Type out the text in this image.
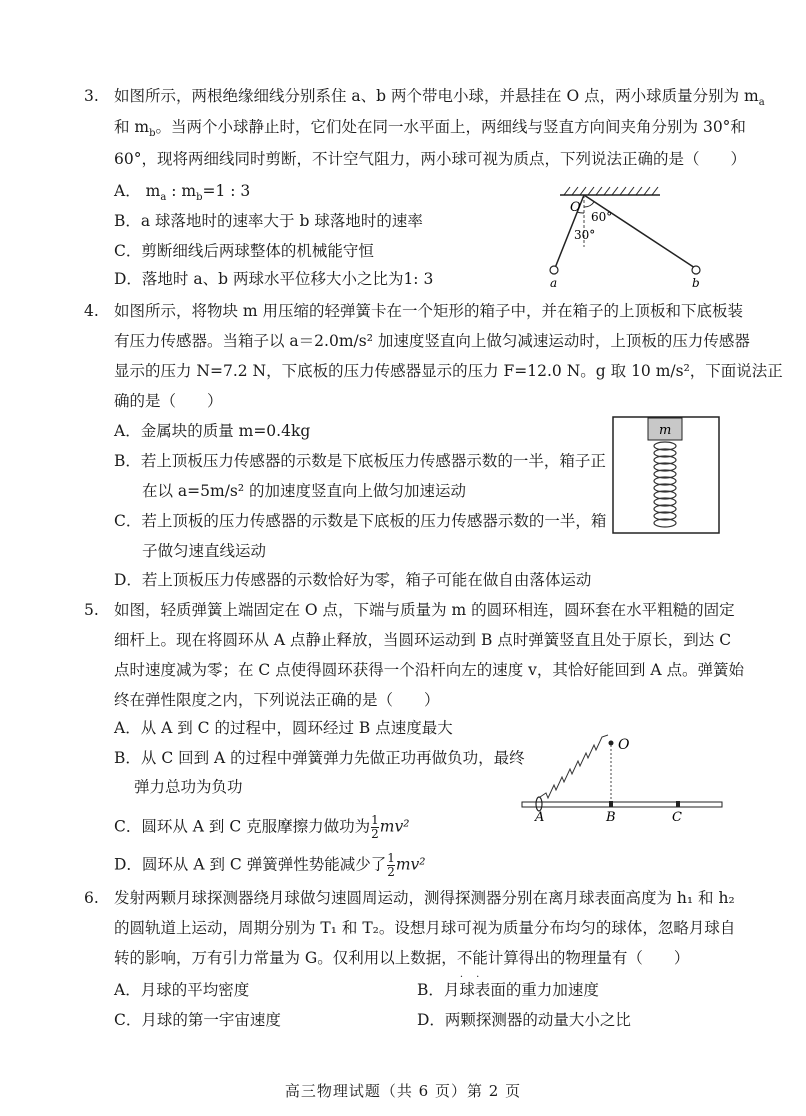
3. 如图所示，两根绝缘细线分别系住 a、b 两个带电小球，并悬挂在 O 点，两小球质量分别为 $m_a$
和 $m_b$。当两个小球静止时，它们处在同一水平面上，两细线与竖直方向间夹角分别为 30°和
60°，现将两细线同时剪断，不计空气阻力，两小球可视为质点，下列说法正确的是（　　）
A． $m_a$ : $m_b=1$ : 3
B．a 球落地时的速率大于 b 球落地时的速率
C．剪断细线后两球整体的机械能守恒
D．落地时 a、b 两球水平位移大小之比为1: 3
O
60°
30°
a	b
4. 如图所示，将物块 m 用压缩的轻弹簧卡在一个矩形的箱子中，并在箱子的上顶板和下底板装
有压力传感器。当箱子以 a＝2.0m/s² 加速度竖直向上做匀减速运动时，上顶板的压力传感器
显示的压力 N=7.2 N，下底板的压力传感器显示的压力 F=12.0 N。g 取 10 m/s²，下面说法正
确的是（　　）
A．金属块的质量 m=0.4kg
B．若上顶板压力传感器的示数是下底板压力传感器示数的一半，箱子正
在以 a=5m/s² 的加速度竖直向上做匀加速运动
C．若上顶板的压力传感器的示数是下底板的压力传感器示数的一半，箱
子做匀速直线运动
D．若上顶板压力传感器的示数恰好为零，箱子可能在做自由落体运动
m
5. 如图，轻质弹簧上端固定在 O 点，下端与质量为 m 的圆环相连，圆环套在水平粗糙的固定
细杆上。现在将圆环从 A 点静止释放，当圆环运动到 B 点时弹簧竖直且处于原长，到达 C
点时速度减为零；在 C 点使得圆环获得一个沿杆向左的速度 v，其恰好能回到 A 点。弹簧始
终在弹性限度之内，下列说法正确的是（　　）
A．从 A 到 C 的过程中，圆环经过 B 点速度最大
B．从 C 回到 A 的过程中弹簧弹力先做正功再做负功，最终
弹力总功为负功
C．圆环从 A 到 C 克服摩擦力做功为 $\frac{1}{2} mv^2$
D．圆环从 A 到 C 弹簧弹性势能减少了 $\frac{1}{2} mv^2$
O
A	B	C
6. 发射两颗月球探测器绕月球做匀速圆周运动，测得探测器分别在离月球表面高度为 h₁ 和 h₂
的圆轨道上运动，周期分别为 T₁ 和 T₂。设想月球可视为质量分布均匀的球体，忽略月球自
转的影响，万有引力常量为 G。仅利用以上数据，不能 . .计算得出的物理量有（　　）
A．月球的平均密度	B．月球表面的重力加速度
C．月球的第一宇宙速度	D．两颗探测器的动量大小之比
高三物理试题（共 6 页）第 2 页
